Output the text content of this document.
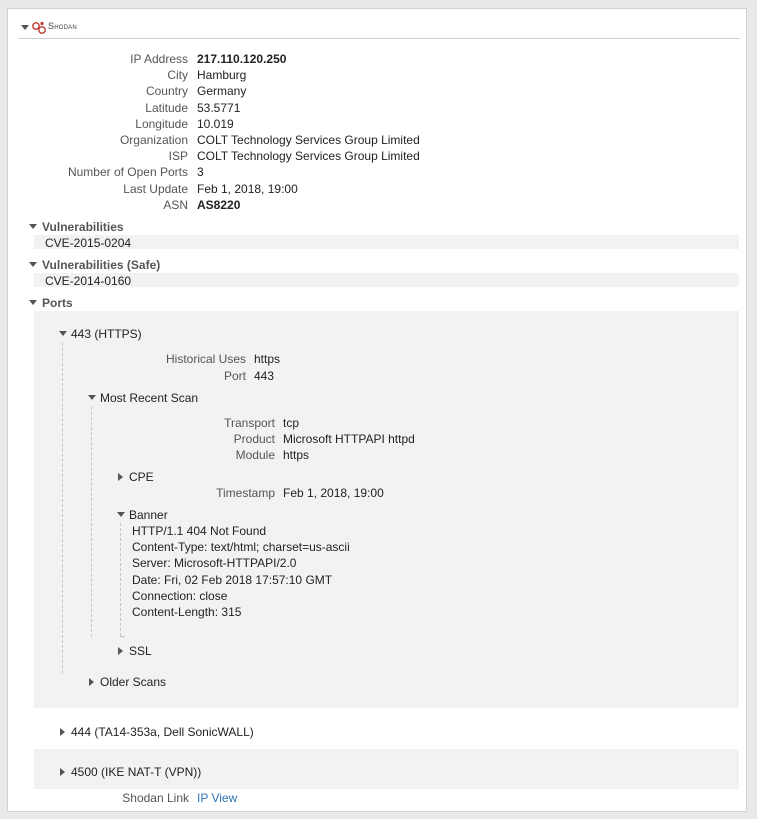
Shodan
IP Address 217.110.120.250
City Hamburg
Country Germany
Latitude 53.5771
Longitude 10.019
Organization COLT Technology Services Group Limited
ISP COLT Technology Services Group Limited
Number of Open Ports 3
Last Update Feb 1, 2018, 19:00
ASN AS8220
Vulnerabilities
CVE-2015-0204
Vulnerabilities (Safe)
CVE-2014-0160
Ports
443 (HTTPS)
Historical Uses https
Port 443
Most Recent Scan
Transport tcp
Product Microsoft HTTPAPI httpd
Module https
CPE
Timestamp Feb 1, 2018, 19:00
Banner
HTTP/1.1 404 Not Found
Content-Type: text/html; charset=us-ascii
Server: Microsoft-HTTPAPI/2.0
Date: Fri, 02 Feb 2018 17:57:10 GMT
Connection: close
Content-Length: 315
SSL
Older Scans
444 (TA14-353a, Dell SonicWALL)
4500 (IKE NAT-T (VPN))
Shodan Link IP View
